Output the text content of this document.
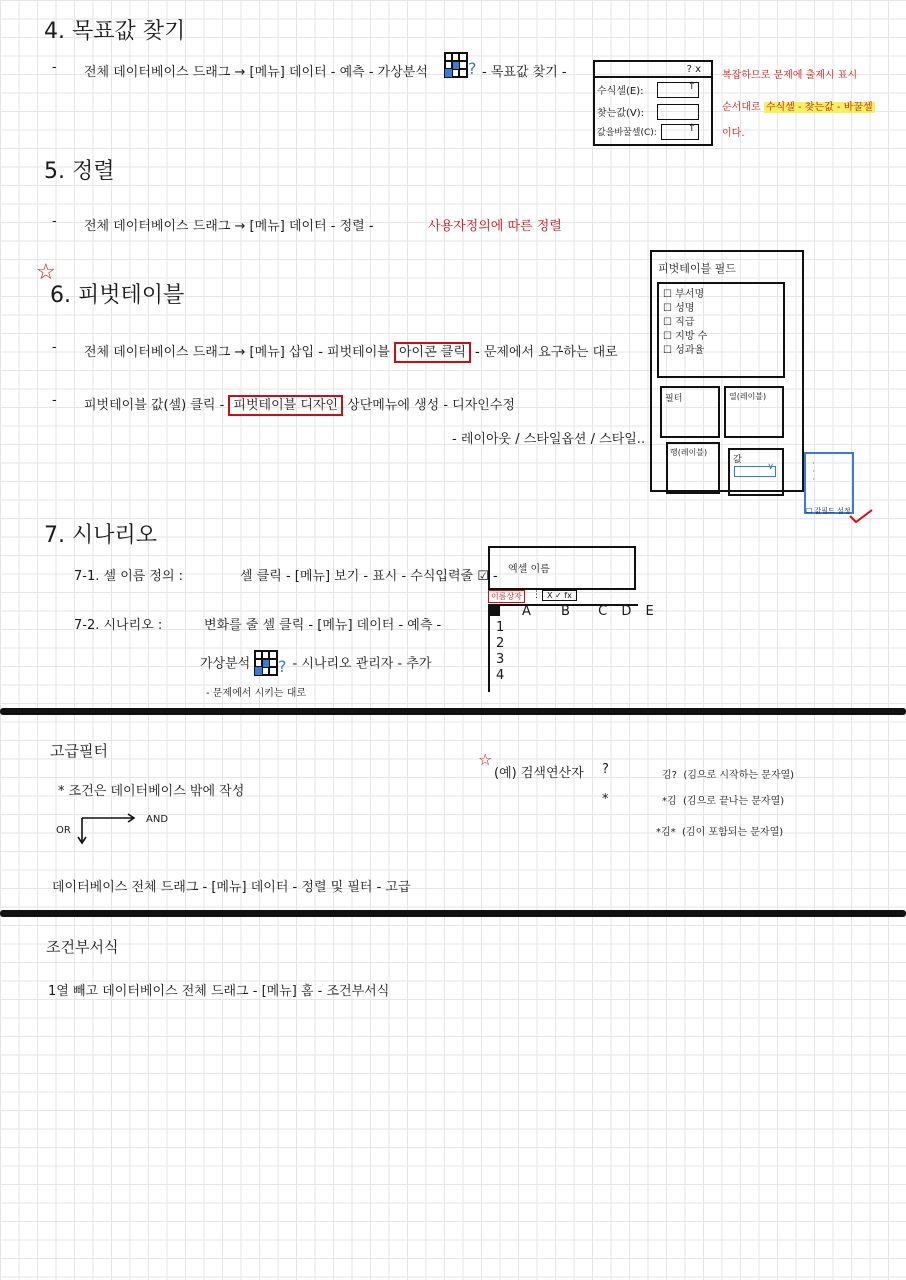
4. 목표값 찾기
- 전체 데이터베이스 드래그 → [메뉴] 데이터 - 예측 - 가상분석	? - 목표값 찾기 -	? x
수식셀(E):	↑
찾는값(V):
값을바꿀셀(C):	↑
복잡하므로 문제에 출제시 표시
순서대로 수식셀 - 찾는값 - 바꿀셀
이다.
5. 정렬
- 전체 데이터베이스 드래그 → [메뉴] 데이터 - 정렬 -	사용자정의에 따른 정렬
☆
6. 피벗테이블
- 전체 데이터베이스 드래그 → [메뉴] 삽입 - 피벗테이블 아이콘 클릭 - 문제에서 요구하는 대로
- 피벗테이블 값(셀) 클릭 - 피벗테이블 디자인 상단메뉴에 생성 - 디자인수정
- 레이아웃 / 스타일옵션 / 스타일..
피벗테이블 필드
☐ 부서명
☐ 성명
☐ 직급
☐ 지방 수
☐ 성과율
필터	열(레이블)
행(레이블)
값
∨	·
·
·
☐ 값필드 설정
7. 시나리오
7-1. 셀 이름 정의 :	셀 클릭 - [메뉴] 보기 - 표시 - 수식입력줄 ☑ -
7-2. 시나리오 :	변화를 줄 셀 클릭 - [메뉴] 데이터 - 예측 -
가상분석 ? - 시나리오 관리자 - 추가
- 문제에서 시키는 대로
엑셀 이름
이름상자	⋮ X ✓ fx
A B C D E
1
2
3
4
고급필터
* 조건은 데이터베이스 밖에 작성
OR
AND
데이터베이스 전체 드래그 - [메뉴] 데이터 - 정렬 및 필터 - 고급
☆
(예) 검색연산자 ?
*
김? (김으로 시작하는 문자열)
*김 (김으로 끝나는 문자열)
*김* (김이 포함되는 문자열)
조건부서식
1열 빼고 데이터베이스 전체 드래그 - [메뉴] 홈 - 조건부서식
